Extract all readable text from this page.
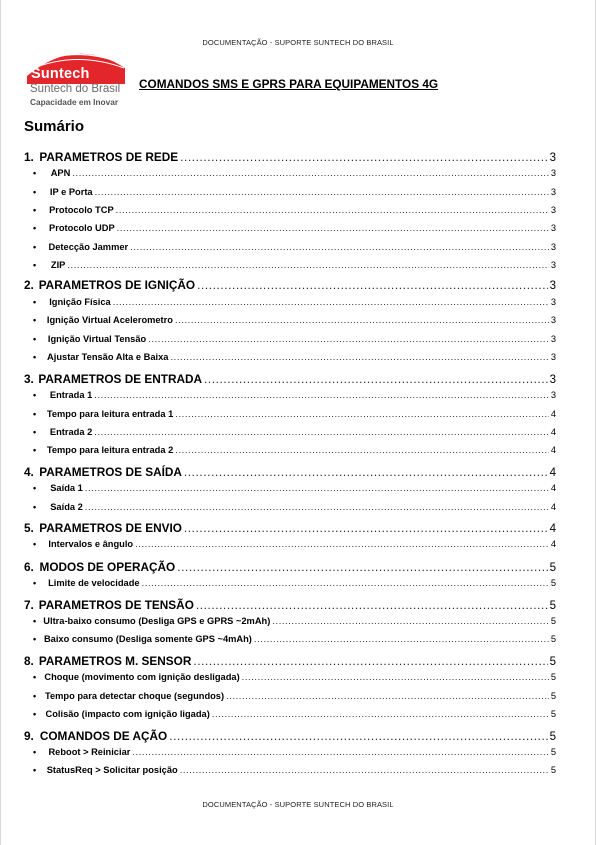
DOCUMENTAÇÃO - SUPORTE SUNTECH DO BRASIL
Suntech
Suntech do Brasil
Capacidade em Inovar
COMANDOS SMS E GPRS PARA EQUIPAMENTOS 4G
Sumário
1. PARAMETROS DE REDE .....	3
•	APN .....	3
•	IP e Porta .....	3
•	Protocolo TCP .....	3
•	Protocolo UDP .....	3
•	Detecção Jammer .....	3
•	ZIP .....	3
2. PARAMETROS DE IGNIÇÃO .....	3
•	Ignição Física .....	3
•	Ignição Virtual Acelerometro .....	3
•	Ignição Virtual Tensão .....	3
•	Ajustar Tensão Alta e Baixa .....	3
3. PARAMETROS DE ENTRADA .....	3
•	Entrada 1 .....	3
•	Tempo para leitura entrada 1 .....	4
•	Entrada 2 .....	4
•	Tempo para leitura entrada 2 .....	4
4. PARAMETROS DE SAÍDA .....	4
•	Saída 1 .....	4
•	Saída 2 .....	4
5. PARAMETROS DE ENVIO .....	4
•	Intervalos e ângulo .....	4
6. MODOS DE OPERAÇÃO .....	5
•	Limite de velocidade .....	5
7. PARAMETROS DE TENSÃO .....	5
• Ultra-baixo consumo (Desliga GPS e GPRS ~2mAh) .....	5
• Baixo consumo (Desliga somente GPS ~4mAh) .....	5
8. PARAMETROS M. SENSOR .....	5
• Choque (movimento com ignição desligada) .....	5
• Tempo para detectar choque (segundos) .....	5
•	Colisão (impacto com ignição ligada) .....	5
9. COMANDOS DE AÇÃO .....	5
•	Reboot > Reiniciar .....	5
•	StatusReq > Solicitar posição .....	5
DOCUMENTAÇÃO - SUPORTE SUNTECH DO BRASIL
